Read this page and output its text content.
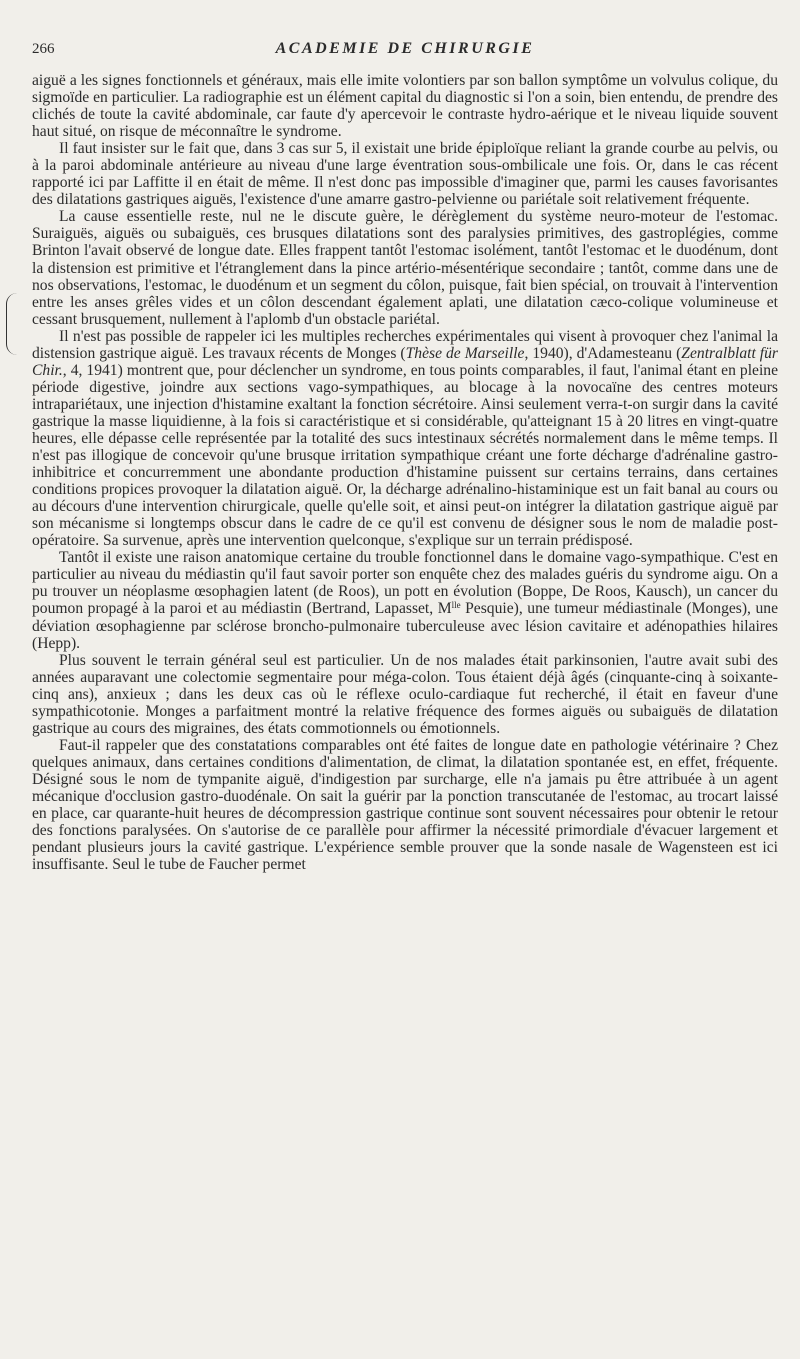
266	ACADEMIE DE CHIRURGIE

aiguë a les signes fonctionnels et généraux, mais elle imite volontiers par son ballon symptôme un volvulus colique, du sigmoïde en particulier. La radiographie est un élément capital du diagnostic si l'on a soin, bien entendu, de prendre des clichés de toute la cavité abdominale, car faute d'y apercevoir le contraste hydro-aérique et le niveau liquide souvent haut situé, on risque de méconnaître le syndrome.

Il faut insister sur le fait que, dans 3 cas sur 5, il existait une bride épiploïque reliant la grande courbe au pelvis, ou à la paroi abdominale antérieure au niveau d'une large éventration sous-ombilicale une fois. Or, dans le cas récent rapporté ici par Laffitte il en était de même. Il n'est donc pas impossible d'imaginer que, parmi les causes favorisantes des dilatations gastriques aiguës, l'existence d'une amarre gastro-pelvienne ou pariétale soit relativement fréquente.

La cause essentielle reste, nul ne le discute guère, le dérèglement du système neuro-moteur de l'estomac. Suraiguës, aiguës ou subaiguës, ces brusques dilatations sont des paralysies primitives, des gastroplégies, comme Brinton l'avait observé de longue date. Elles frappent tantôt l'estomac isolément, tantôt l'estomac et le duodénum, dont la distension est primitive et l'étranglement dans la pince artério-mésentérique secondaire ; tantôt, comme dans une de nos observations, l'estomac, le duodénum et un segment du côlon, puisque, fait bien spécial, on trouvait à l'intervention entre les anses grêles vides et un côlon descendant également aplati, une dilatation cæco-colique volumineuse et cessant brusquement, nullement à l'aplomb d'un obstacle pariétal.

Il n'est pas possible de rappeler ici les multiples recherches expérimentales qui visent à provoquer chez l'animal la distension gastrique aiguë. Les travaux récents de Monges (Thèse de Marseille, 1940), d'Adamesteanu (Zentralblatt für Chir., 4, 1941) montrent que, pour déclencher un syndrome, en tous points comparables, il faut, l'animal étant en pleine période digestive, joindre aux sections vago-sympathiques, au blocage à la novocaïne des centres moteurs intrapariétaux, une injection d'histamine exaltant la fonction sécrétoire. Ainsi seulement verra-t-on surgir dans la cavité gastrique la masse liquidienne, à la fois si caractéristique et si considérable, qu'atteignant 15 à 20 litres en vingt-quatre heures, elle dépasse celle représentée par la totalité des sucs intestinaux sécrétés normalement dans le même temps. Il n'est pas illogique de concevoir qu'une brusque irritation sympathique créant une forte décharge d'adrénaline gastro-inhibitrice et concurremment une abondante production d'histamine puissent sur certains terrains, dans certaines conditions propices provoquer la dilatation aiguë. Or, la décharge adrénalino-histaminique est un fait banal au cours ou au décours d'une intervention chirurgicale, quelle qu'elle soit, et ainsi peut-on intégrer la dilatation gastrique aiguë par son mécanisme si longtemps obscur dans le cadre de ce qu'il est convenu de désigner sous le nom de maladie post-opératoire. Sa survenue, après une intervention quelconque, s'explique sur un terrain prédisposé.

Tantôt il existe une raison anatomique certaine du trouble fonctionnel dans le domaine vago-sympathique. C'est en particulier au niveau du médiastin qu'il faut savoir porter son enquête chez des malades guéris du syndrome aigu. On a pu trouver un néoplasme œsophagien latent (de Roos), un pott en évolution (Boppe, De Roos, Kausch), un cancer du poumon propagé à la paroi et au médiastin (Bertrand, Lapasset, $M^{lle}$ Pesquie), une tumeur médiastinale (Monges), une déviation œsophagienne par sclérose broncho-pulmonaire tuberculeuse avec lésion cavitaire et adénopathies hilaires (Hepp).

Plus souvent le terrain général seul est particulier. Un de nos malades était parkinsonien, l'autre avait subi des années auparavant une colectomie segmentaire pour méga-colon. Tous étaient déjà âgés (cinquante-cinq à soixante-cinq ans), anxieux ; dans les deux cas où le réflexe oculo-cardiaque fut recherché, il était en faveur d'une sympathicotonie. Monges a parfaitment montré la relative fréquence des formes aiguës ou subaiguës de dilatation gastrique au cours des migraines, des états commotionnels ou émotionnels.

Faut-il rappeler que des constatations comparables ont été faites de longue date en pathologie vétérinaire ? Chez quelques animaux, dans certaines conditions d'alimentation, de climat, la dilatation spontanée est, en effet, fréquente. Désigné sous le nom de tympanite aiguë, d'indigestion par surcharge, elle n'a jamais pu être attribuée à un agent mécanique d'occlusion gastro-duodénale. On sait la guérir par la ponction transcutanée de l'estomac, au trocart laissé en place, car quarante-huit heures de décompression gastrique continue sont souvent nécessaires pour obtenir le retour des fonctions paralysées. On s'autorise de ce parallèle pour affirmer la nécessité primordiale d'évacuer largement et pendant plusieurs jours la cavité gastrique. L'expérience semble prouver que la sonde nasale de Wagensteen est ici insuffisante. Seul le tube de Faucher permet
